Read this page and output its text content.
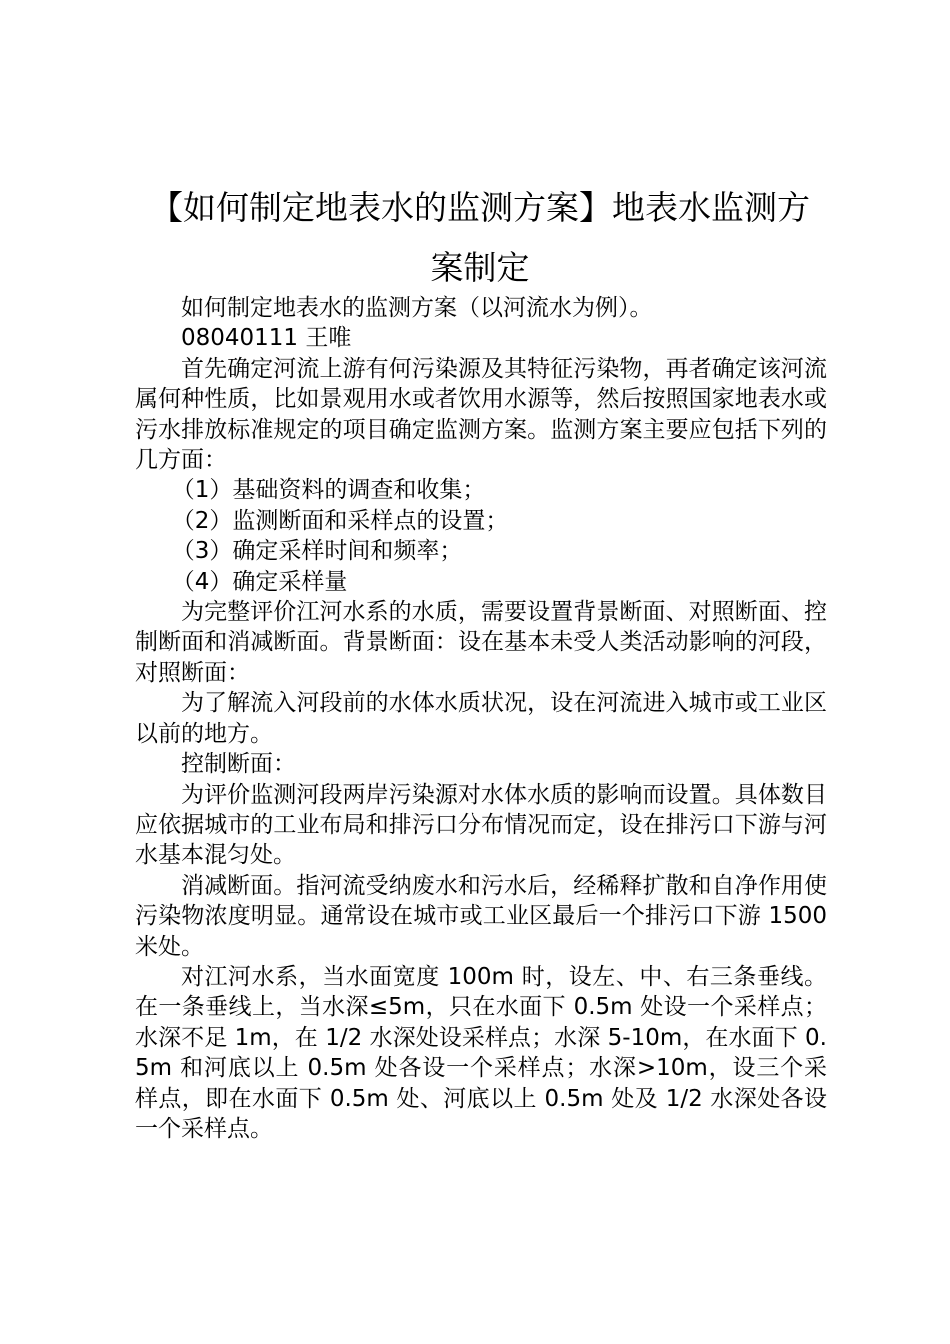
【如何制定地表水的监测方案】地表水监测方案制定

如何制定地表水的监测方案（以河流水为例）。

08040111 王唯

首先确定河流上游有何污染源及其特征污染物，再者确定该河流属何种性质，比如景观用水或者饮用水源等，然后按照国家地表水或污水排放标准规定的项目确定监测方案。监测方案主要应包括下列的几方面：

（1）基础资料的调查和收集；

（2）监测断面和采样点的设置；

（3）确定采样时间和频率；

（4）确定采样量

为完整评价江河水系的水质，需要设置背景断面、对照断面、控制断面和消减断面。背景断面：设在基本未受人类活动影响的河段，对照断面：

为了解流入河段前的水体水质状况，设在河流进入城市或工业区以前的地方。

控制断面：

为评价监测河段两岸污染源对水体水质的影响而设置。具体数目应依据城市的工业布局和排污口分布情况而定，设在排污口下游与河水基本混匀处。

消减断面。指河流受纳废水和污水后，经稀释扩散和自净作用使污染物浓度明显。通常设在城市或工业区最后一个排污口下游 1500 米处。

对江河水系，当水面宽度 100m 时，设左、中、右三条垂线。在一条垂线上，当水深≤5m，只在水面下 0.5m 处设一个采样点；水深不足 1m，在 1/2 水深处设采样点；水深 5-10m，在水面下 0.5m 和河底以上 0.5m 处各设一个采样点；水深>10m，设三个采样点，即在水面下 0.5m 处、河底以上 0.5m 处及 1/2 水深处各设一个采样点。
